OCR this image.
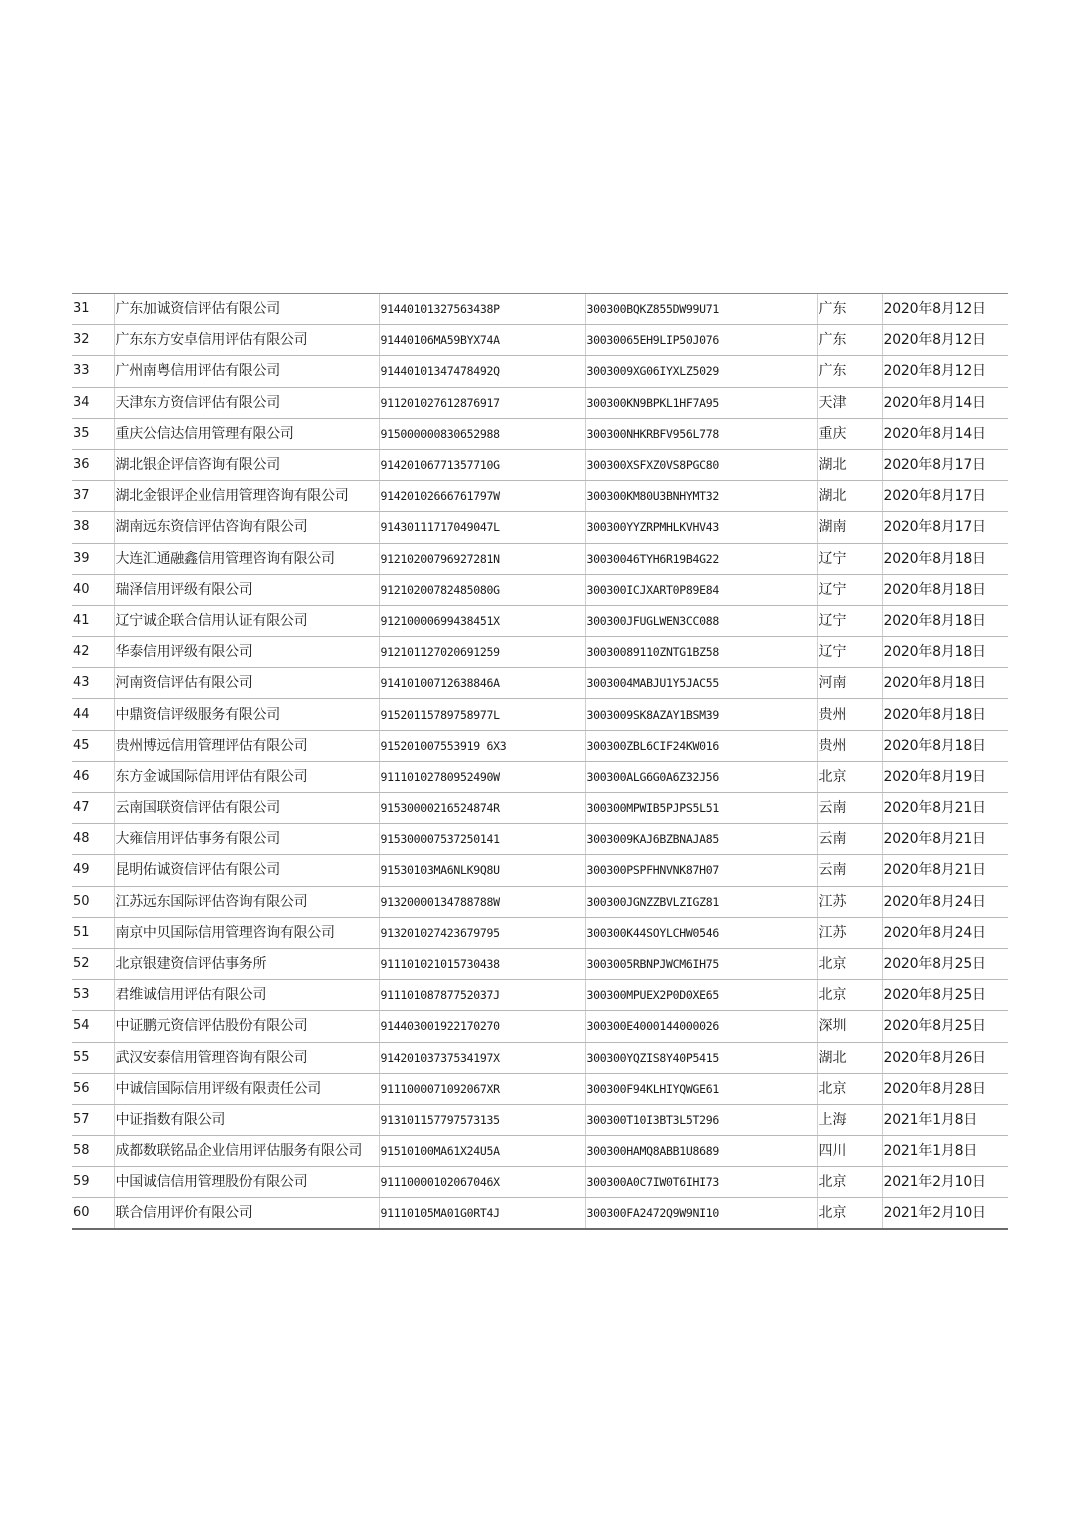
31	广东加诚资信评估有限公司	91440101327563438P	300300BQKZ855DW99U71	广东	2020年8月12日
32	广东东方安卓信用评估有限公司	91440106MA59BYX74A	30030065EH9LIP50J076	广东	2020年8月12日
33	广州南粤信用评估有限公司	91440101347478492Q	3003009XG06IYXLZ5029	广东	2020年8月12日
34	天津东方资信评估有限公司	911201027612876917	300300KN9BPKL1HF7A95	天津	2020年8月14日
35	重庆公信达信用管理有限公司	915000000830652988	300300NHKRBFV956L778	重庆	2020年8月14日
36	湖北银企评信咨询有限公司	91420106771357710G	300300XSFXZ0VS8PGC80	湖北	2020年8月17日
37	湖北金银评企业信用管理咨询有限公司	91420102666761797W	300300KM80U3BNHYMT32	湖北	2020年8月17日
38	湖南远东资信评估咨询有限公司	91430111717049047L	300300YYZRPMHLKVHV43	湖南	2020年8月17日
39	大连汇通融鑫信用管理咨询有限公司	91210200796927281N	30030046TYH6R19B4G22	辽宁	2020年8月18日
40	瑞泽信用评级有限公司	91210200782485080G	300300ICJXART0P89E84	辽宁	2020年8月18日
41	辽宁诚企联合信用认证有限公司	91210000699438451X	300300JFUGLWEN3CC088	辽宁	2020年8月18日
42	华泰信用评级有限公司	912101127020691259	30030089110ZNTG1BZ58	辽宁	2020年8月18日
43	河南资信评估有限公司	91410100712638846A	3003004MABJU1Y5JAC55	河南	2020年8月18日
44	中鼎资信评级服务有限公司	91520115789758977L	3003009SK8AZAY1BSM39	贵州	2020年8月18日
45	贵州博远信用管理评估有限公司	915201007553919 6X3	300300ZBL6CIF24KW016	贵州	2020年8月18日
46	东方金诚国际信用评估有限公司	91110102780952490W	300300ALG6G0A6Z32J56	北京	2020年8月19日
47	云南国联资信评估有限公司	91530000216524874R	300300MPWIB5PJPS5L51	云南	2020年8月21日
48	大雍信用评估事务有限公司	915300007537250141	3003009KAJ6BZBNAJA85	云南	2020年8月21日
49	昆明佑诚资信评估有限公司	91530103MA6NLK9Q8U	300300PSPFHNVNK87H07	云南	2020年8月21日
50	江苏远东国际评估咨询有限公司	91320000134788788W	300300JGNZZBVLZIGZ81	江苏	2020年8月24日
51	南京中贝国际信用管理咨询有限公司	913201027423679795	300300K44SOYLCHW0546	江苏	2020年8月24日
52	北京银建资信评估事务所	911101021015730438	3003005RBNPJWCM6IH75	北京	2020年8月25日
53	君维诚信用评估有限公司	91110108787752037J	300300MPUEX2P0D0XE65	北京	2020年8月25日
54	中证鹏元资信评估股份有限公司	914403001922170270	300300E4000144000026	深圳	2020年8月25日
55	武汉安泰信用管理咨询有限公司	91420103737534197X	300300YQZIS8Y40P5415	湖北	2020年8月26日
56	中诚信国际信用评级有限责任公司	9111000071092067XR	300300F94KLHIYQWGE61	北京	2020年8月28日
57	中证指数有限公司	913101157797573135	300300T10I3BT3L5T296	上海	2021年1月8日
58	成都数联铭品企业信用评估服务有限公司	91510100MA61X24U5A	300300HAMQ8ABB1U8689	四川	2021年1月8日
59	中国诚信信用管理股份有限公司	91110000102067046X	300300A0C7IW0T6IHI73	北京	2021年2月10日
60	联合信用评价有限公司	91110105MA01G0RT4J	300300FA2472Q9W9NI10	北京	2021年2月10日
